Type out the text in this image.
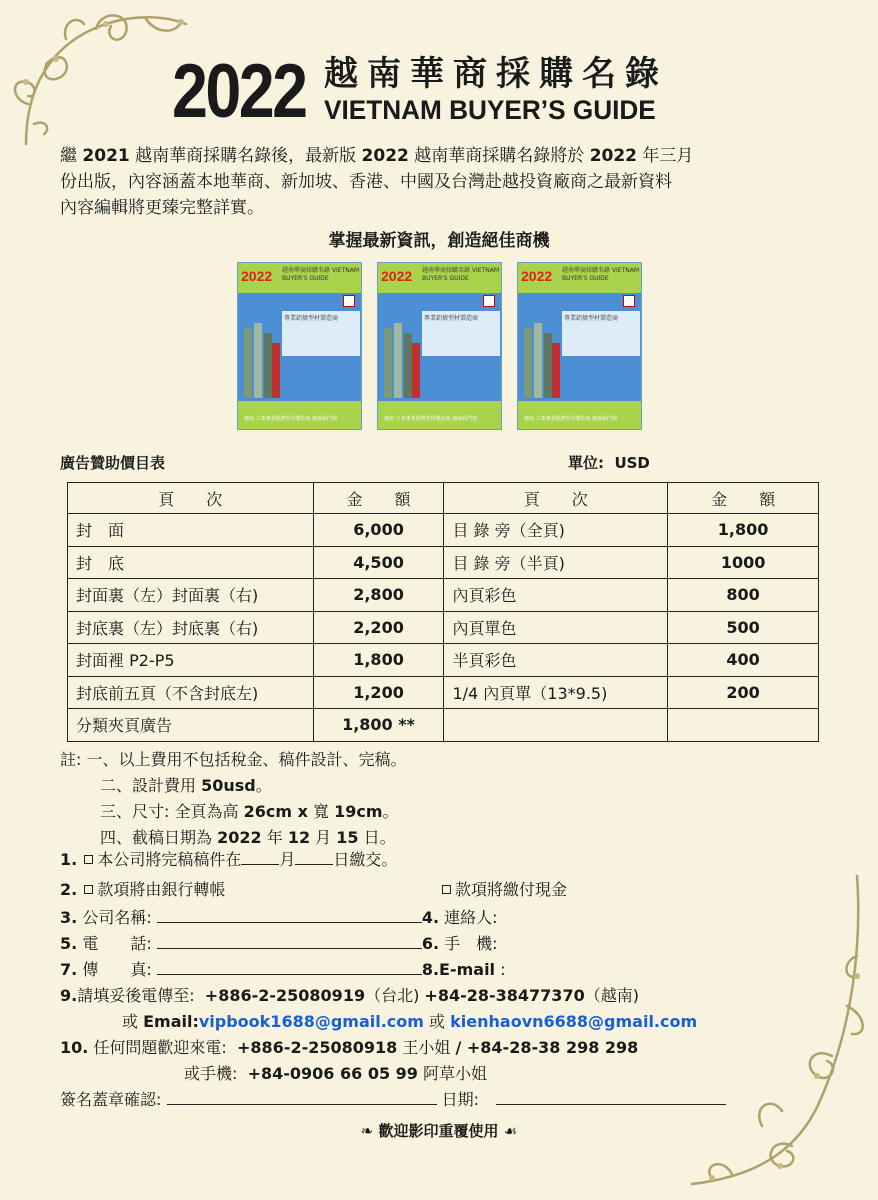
2022 越南華商採購名錄
VIETNAM BUYER’S GUIDE
繼 2021 越南華商採購名錄後，最新版 2022 越南華商採購名錄將於 2022 年三月
份出版，內容涵蓋本地華商、新加坡、香港、中國及台灣赴越投資廠商之最新資料
內容編輯將更臻完整詳實。
掌握最新資訊，創造絕佳商機
2022 越南華商採購名錄 VIETNAM BUYER'S GUIDE
專業鋁擠型材製造商
越南 工業專業鋁擠型材製造商 越南鋁門窗
2022 越南華商採購名錄 VIETNAM BUYER'S GUIDE
專業鋁擠型材製造商
越南 工業專業鋁擠型材製造商 越南鋁門窗
2022 越南華商採購名錄 VIETNAM BUYER'S GUIDE
專業鋁擠型材製造商
越南 工業專業鋁擠型材製造商 越南鋁門窗
廣告贊助價目表	單位: USD
頁　　次	金　　額	頁　　次	金　　額
封　面	6,000	目 錄 旁（全頁)	1,800
封　底	4,500	目 錄 旁（半頁)	1000
封面裏（左）封面裏（右)	2,800	內頁彩色	800
封底裏（左）封底裏（右)	2,200	內頁單色	500
封面裡 P2-P5	1,800	半頁彩色	400
封底前五頁（不含封底左)	1,200	1/4 內頁單（13*9.5)	200
分類夾頁廣告	1,800 **		
註: 一、以上費用不包括稅金、稿件設計、完稿。
二、設計費用 50usd。
三、尺寸: 全頁為高 26cm x 寬 19cm。
四、截稿日期為 2022 年 12 月 15 日。
1. 本公司將完稿稿件在 月 日繳交。
2. 款項將由銀行轉帳	款項將繳付現金
3. 公司名稱:	4. 連絡人:
5. 電　　話:	6. 手　機:
7. 傳　　真:	8.E-mail :
9.請填妥後電傳至: +886-2-25080919（台北) +84-28-38477370（越南)
或 Email:vipbook1688@gmail.com 或 kienhaovn6688@gmail.com
10. 任何問題歡迎來電: +886-2-25080918 王小姐 / +84-28-38 298 298
或手機: +84-0906 66 05 99 阿草小姐
簽名蓋章確認:	日期:
❧ 歡迎影印重覆使用 ☙
